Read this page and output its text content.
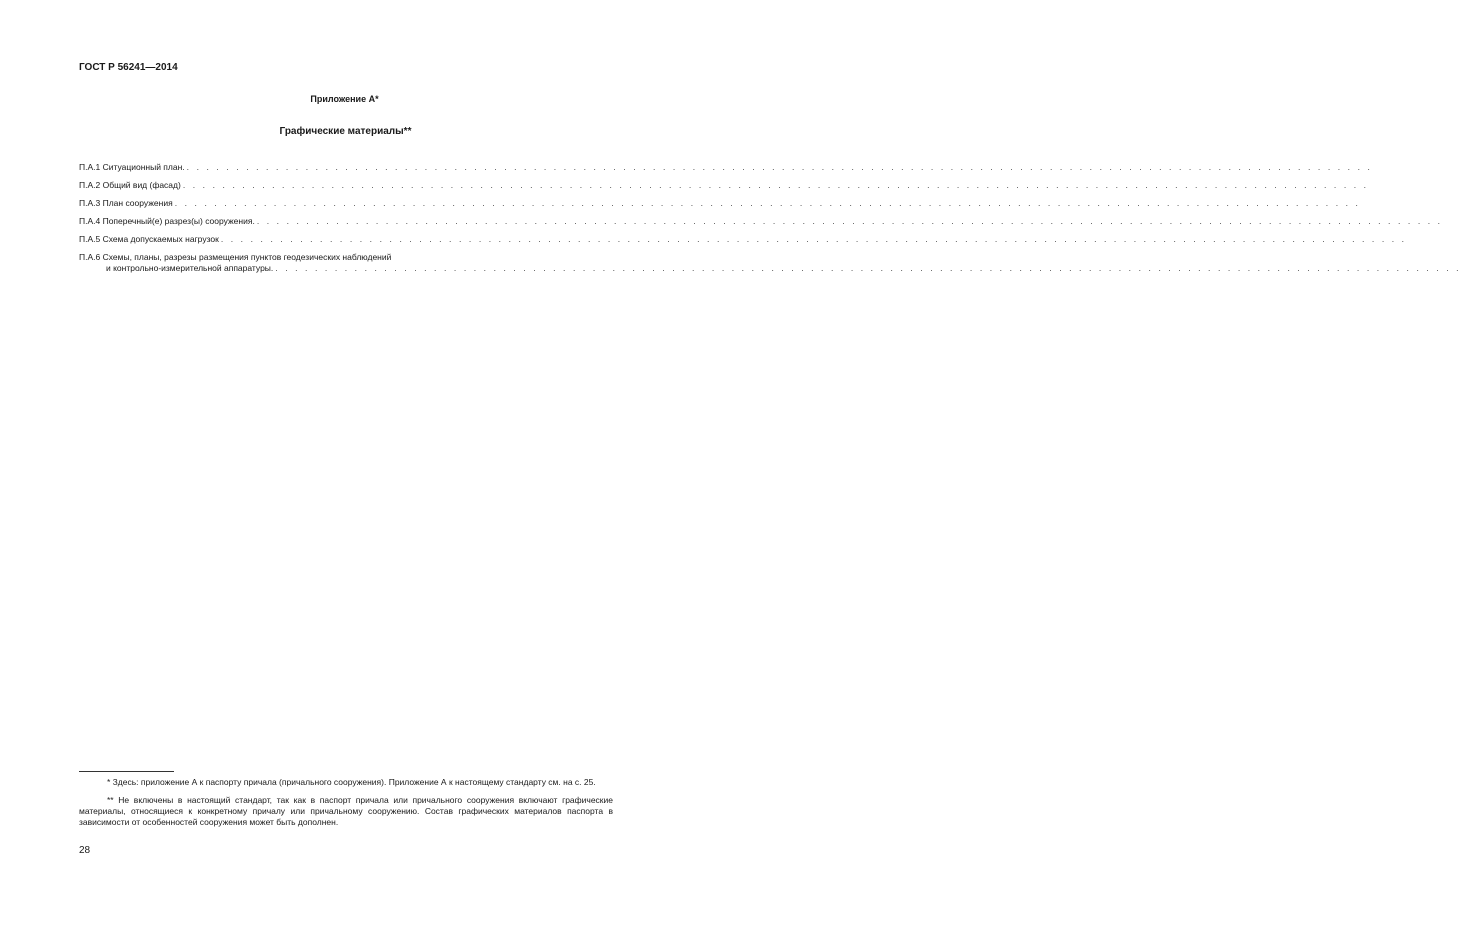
ГОСТ Р 56241—2014
Приложение А*
Графические материалы**
П.А.1 Ситуационный план. . . . . . . . . . . . . . . . . . . . . . . . . . . . . . . . . . . . . . . . . . . . . . . . . . . . . . . . . . . . . . . . . . . . . . . . . . . . . . . . . . . . . . . . . . . . . . . . . . . . . . . . . . . . . . . . . . . . . . . . .
П.А.2 Общий вид (фасад) . . . . . . . . . . . . . . . . . . . . . . . . . . . . . . . . . . . . . . . . . . . . . . . . . . . . . . . . . . . . . . . . . . . . . . . . . . . . . . . . . . . . . . . . . . . . . . . . . . . . . . . . . . . . . . . . . . . . . . . .
П.А.3 План сооружения . . . . . . . . . . . . . . . . . . . . . . . . . . . . . . . . . . . . . . . . . . . . . . . . . . . . . . . . . . . . . . . . . . . . . . . . . . . . . . . . . . . . . . . . . . . . . . . . . . . . . . . . . . . . . . . . . . . . . . . .
П.А.4 Поперечный(е) разрез(ы) сооружения. . . . . . . . . . . . . . . . . . . . . . . . . . . . . . . . . . . . . . . . . . . . . . . . . . . . . . . . . . . . . . . . . . . . . . . . . . . . . . . . . . . . . . . . . . . . . . . . . . . . . . . . . . . . . . . . . . . . . . . . .
П.А.5 Схема допускаемых нагрузок . . . . . . . . . . . . . . . . . . . . . . . . . . . . . . . . . . . . . . . . . . . . . . . . . . . . . . . . . . . . . . . . . . . . . . . . . . . . . . . . . . . . . . . . . . . . . . . . . . . . . . . . . . . . . . . . . . . . . . . .
П.А.6 Схемы, планы, разрезы размещения пунктов геодезических наблюдений
и контрольно-измерительной аппаратуры. . . . . . . . . . . . . . . . . . . . . . . . . . . . . . . . . . . . . . . . . . . . . . . . . . . . . . . . . . . . . . . . . . . . . . . . . . . . . . . . . . . . . . . . . . . . . . . . . . . . . . . . . . . . . . . . . . . . . . . . .
* Здесь: приложение А к паспорту причала (причального сооружения). Приложение А к настоящему стандарту см. на с. 25.
** Не включены в настоящий стандарт, так как в паспорт причала или причального сооружения включают графические материалы, относящиеся к конкретному причалу или причальному сооружению. Состав графических материалов паспорта в зависимости от особенностей сооружения может быть дополнен.
28
